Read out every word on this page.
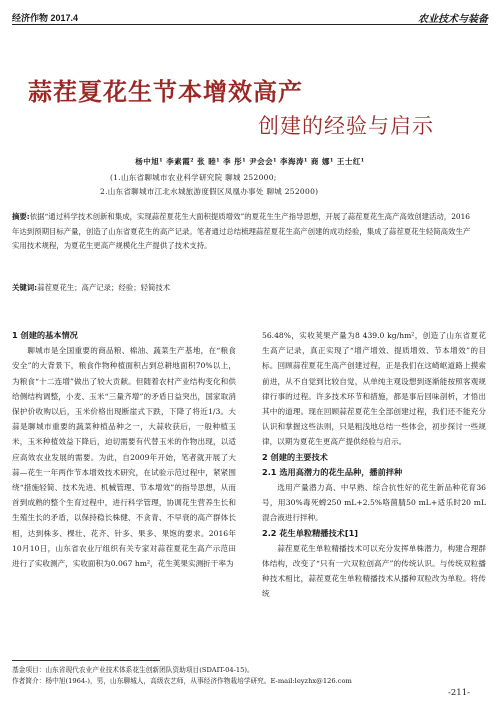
经济作物 2017.4	农业技术与装备
蒜茬夏花生节本增效高产
创建的经验与启示
杨中旭¹ 李素霞² 张 睦¹ 李 彤¹ 尹会会¹ 李海涛¹ 商 娜¹ 王士红¹
(1.山东省聊城市农业科学研究院 聊城 252000;
2.山东省聊城市江北水城旅游度假区凤凰办事处 聊城 252000)
摘要:依据“通过科学技术创新和集成，实现蒜茬夏花生大面积提质增效”的夏花生生产指导思想，开展了蒜茬夏花生高产高效创建活动，2016年达到预期目标产量，创造了山东省夏花生的高产记录。笔者通过总结梳理蒜茬夏花生高产创建的成功经验，集成了蒜茬夏花生轻简高效生产实用技术规程，为夏花生更高产规模化生产提供了技术支持。
关键词:蒜茬夏花生；高产记录；经验；轻简技术

1 创建的基本情况

聊城市是全国重要的商品粮、棉油、蔬菜生产基地，在“粮食安全”的大背景下，粮食作物种植面积占到总耕地面积70%以上，为粮食“十二连增”做出了较大贡献。但随着农村产业结构变化和供给侧结构调整，小麦、玉米“三量齐增”的矛盾日益突出，国家取消保护价收购以后，玉米价格出现断崖式下跌，下降了将近1/3。大蒜是聊城市重要的蔬菜种植品种之一，大蒜收获后，一般种植玉米，玉米种植效益下降后，迫切需要有代替玉米的作物出现，以适应高效农业发展的需要。为此，自2009年开始，笔者就开展了大蒜—花生一年两作节本增效技术研究，在试验示范过程中，紧紧围绕“措施轻简、技术先进、机械管理、节本增效”的指导思想，从而首到成熟的整个生育过程中，进行科学管理，协调花生营养生长和生殖生长的矛盾，以保持稳长株健、不贪青、不早衰的高产群体长相，达到株多、棵壮、花齐、针多、果多、果饱的要求。2016年10月10日，山东省农业厅组织有关专家对蒜茬夏花生高产示范田进行了实收测产，实收面积为0.067 hm²，花生荚果实测折干率为

56.48%，实收荚果产量为8 439.0 kg/hm²，创造了山东省夏花生高产记录，真正实现了“增产增效、提质增效、节本增效”的目标。回顾蒜茬夏花生高产创建过程，正是我们在这崎岖道路上摸索前进，从不自觉到比较自觉，从单纯主观设想到逐渐能按照客观规律行事的过程。许多技术环节和措施，都是事后回味剖析，才悟出其中的道理。现在回顾蒜茬夏花生全部创建过程，我们还不能充分认识和掌握这些法则，只是粗浅地总结一些体会，初步探讨一些规律，以期为夏花生更高产提供经验与启示。

2 创建的主要技术

2.1 选用高潜力的花生品种，播前拌种

选用产量潜力高、中早熟、综合抗性好的花生新品种花育36号，用30%毒死蜱250 mL+2.5%咯菌腈50 mL+适乐时20 mL混合液进行拌种。

2.2 花生单粒精播技术[1]

蒜茬夏花生单粒精播技术可以充分发挥单株潜力，构建合理群体结构，改变了“只有一穴双粒创高产”的传统认识。与传统双粒播种技术相比，蒜茬夏花生单粒精播技术从播种双粒改为单粒。将传统

基金项目：山东省现代农业产业技术体系花生创新团队资助项目(SDAIT-04-15)。
作者简介：杨中旭(1964-)，男，山东聊城人，高级农艺师，从事经济作物栽培学研究。E-mail:leyzhx@126.com
-211-
